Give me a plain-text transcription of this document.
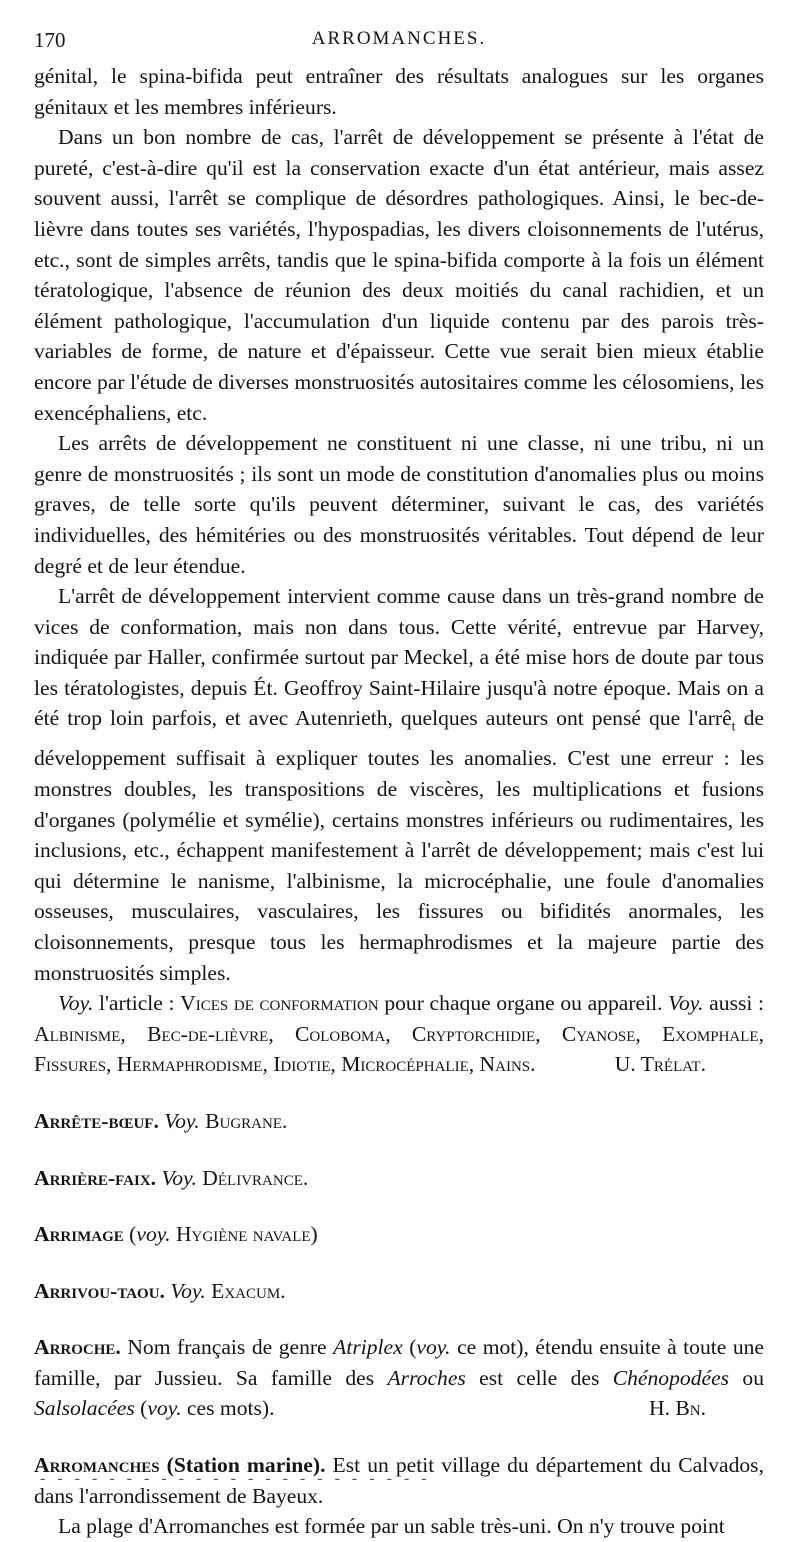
170	ARROMANCHES.

génital, le spina-bifida peut entraîner des résultats analogues sur les organes génitaux et les membres inférieurs.

Dans un bon nombre de cas, l'arrêt de développement se présente à l'état de pureté, c'est-à-dire qu'il est la conservation exacte d'un état antérieur, mais assez souvent aussi, l'arrêt se complique de désordres pathologiques. Ainsi, le bec-de-lièvre dans toutes ses variétés, l'hypospadias, les divers cloisonnements de l'utérus, etc., sont de simples arrêts, tandis que le spina-bifida comporte à la fois un élément tératologique, l'absence de réunion des deux moitiés du canal rachidien, et un élément pathologique, l'accumulation d'un liquide contenu par des parois très-variables de forme, de nature et d'épaisseur. Cette vue serait bien mieux établie encore par l'étude de diverses monstruosités autositaires comme les célosomiens, les exencéphaliens, etc.

Les arrêts de développement ne constituent ni une classe, ni une tribu, ni un genre de monstruosités ; ils sont un mode de constitution d'anomalies plus ou moins graves, de telle sorte qu'ils peuvent déterminer, suivant le cas, des variétés individuelles, des hémitéries ou des monstruosités véritables. Tout dépend de leur degré et de leur étendue.

L'arrêt de développement intervient comme cause dans un très-grand nombre de vices de conformation, mais non dans tous. Cette vérité, entrevue par Harvey, indiquée par Haller, confirmée surtout par Meckel, a été mise hors de doute par tous les tératologistes, depuis Ét. Geoffroy Saint-Hilaire jusqu'à notre époque. Mais on a été trop loin parfois, et avec Autenrieth, quelques auteurs ont pensé que l'arrê$_t$ de développement suffisait à expliquer toutes les anomalies. C'est une erreur : les monstres doubles, les transpositions de viscères, les multiplications et fusions d'organes (polymélie et symélie), certains monstres inférieurs ou rudimentaires, les inclusions, etc., échappent manifestement à l'arrêt de développement; mais c'est lui qui détermine le nanisme, l'albinisme, la microcéphalie, une foule d'anomalies osseuses, musculaires, vasculaires, les fissures ou bifidités anormales, les cloisonnements, presque tous les hermaphrodismes et la majeure partie des monstruosités simples.

Voy. l'article : Vices de conformation pour chaque organe ou appareil. Voy. aussi : Albinisme, Bec-de-lièvre, Coloboma, Cryptorchidie, Cyanose, Exomphale, Fissures, Hermaphrodisme, Idiotie, Microcéphalie, Nains.	U. Trélat.

Arrête-bœuf. Voy. Bugrane.

Arrière-faix. Voy. Délivrance.

Arrimage (voy. Hygiène navale)

Arrivou-taou. Voy. Exacum.

Arroche. Nom français de genre Atriplex (voy. ce mot), étendu ensuite à toute une famille, par Jussieu. Sa famille des Arroches est celle des Chénopodées ou Salsolacées (voy. ces mots).	H. Bn.

Arromanches (Station marine). Est un petit village du département du Calvados, dans l'arrondissement de Bayeux.

La plage d'Arromanches est formée par un sable très-uni. On n'y trouve point

- - - - - - - - - - - - - - - - - - - - - - -
